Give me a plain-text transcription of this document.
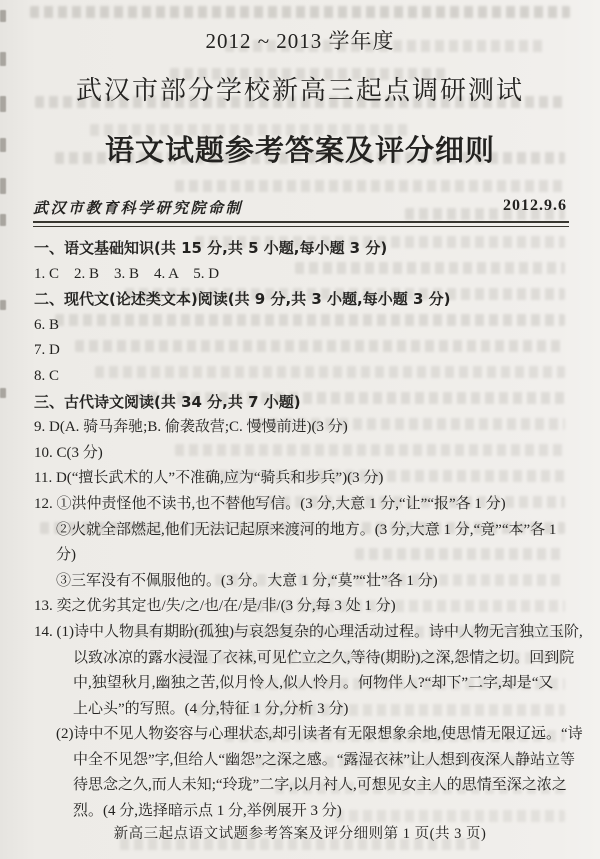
2012 ~ 2013 学年度
武汉市部分学校新高三起点调研测试
语文试题参考答案及评分细则
武汉市教育科学研究院命制	2012.9.6
一、语文基础知识(共 15 分,共 5 小题,每小题 3 分)
1. C　2. B　3. B　4. A　5. D
二、现代文(论述类文本)阅读(共 9 分,共 3 小题,每小题 3 分)
6. B
7. D
8. C
三、古代诗文阅读(共 34 分,共 7 小题)
9. D(A. 骑马奔驰;B. 偷袭敌营;C. 慢慢前进)(3 分)
10. C(3 分)
11. D(“擅长武术的人”不准确,应为“骑兵和步兵”)(3 分)
12. ①洪仲责怪他不读书,也不替他写信。(3 分,大意 1 分,“让”“报”各 1 分)
②火就全部燃起,他们无法记起原来渡河的地方。(3 分,大意 1 分,“竟”“本”各 1
分)
③三军没有不佩服他的。(3 分。大意 1 分,“莫”“壮”各 1 分)
13. 奕之优劣其定也/失/之/也/在/是/非/(3 分,每 3 处 1 分)
14. (1)诗中人物具有期盼(孤独)与哀怨复杂的心理活动过程。诗中人物无言独立玉阶,
以致冰凉的露水浸湿了衣袜,可见伫立之久,等待(期盼)之深,怨情之切。回到院
中,独望秋月,幽独之苦,似月怜人,似人怜月。何物伴人?“却下”二字,却是“又
上心头”的写照。(4 分,特征 1 分,分析 3 分)
(2)诗中不见人物姿容与心理状态,却引读者有无限想象余地,使思情无限辽远。“诗
中全不见怨”字,但给人“幽怨”之深之感。“露湿衣袜”让人想到夜深人静站立等
待思念之久,而人未知;“玲珑”二字,以月衬人,可想见女主人的思情至深之浓之
烈。(4 分,选择暗示点 1 分,举例展开 3 分)
新高三起点语文试题参考答案及评分细则第 1 页(共 3 页)
